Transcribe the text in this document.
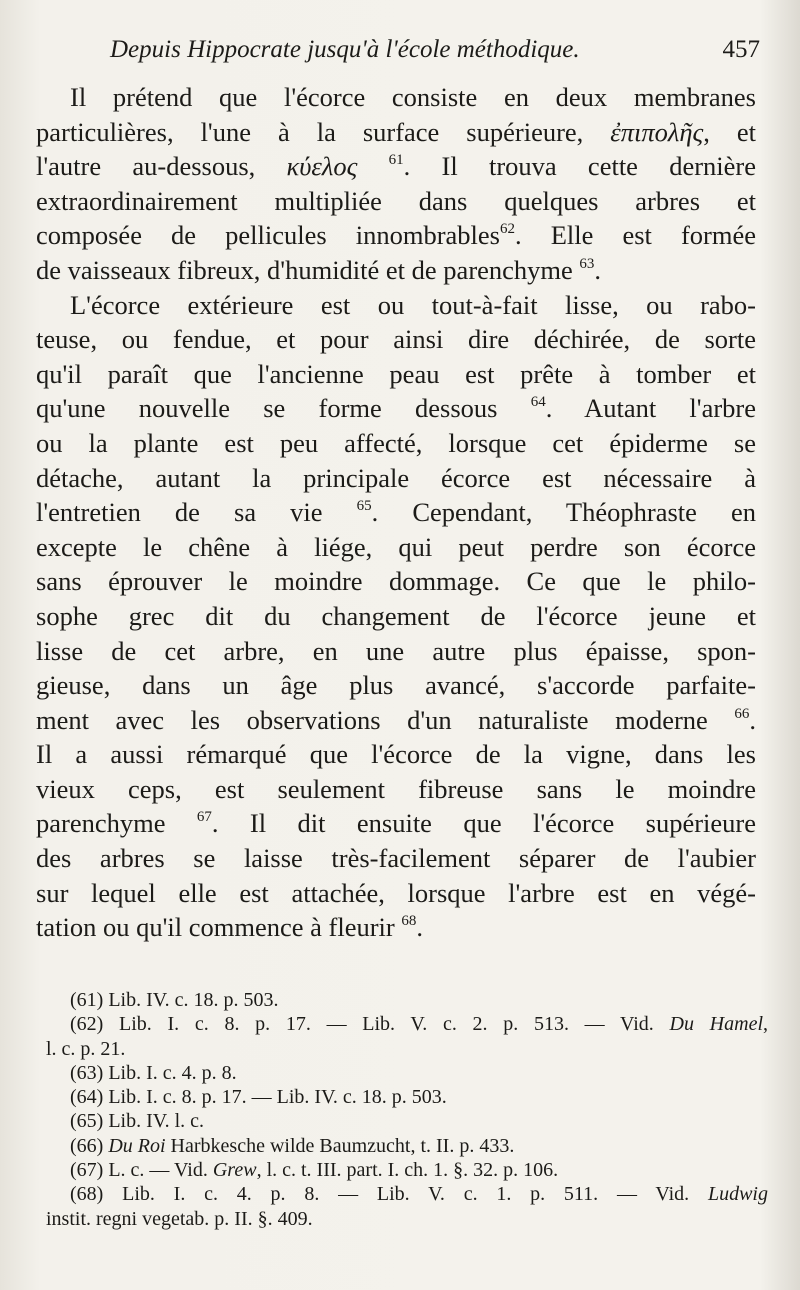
Depuis Hippocrate jusqu'à l'école méthodique.	457
Il prétend que l'écorce consiste en deux membranes
particulières, l'une à la surface supérieure, ἐπιπολῆς, et
l'autre au-dessous, κύελος $^{61}$. Il trouva cette dernière
extraordinairement multipliée dans quelques arbres et
composée de pellicules innombrables$^{62}$. Elle est formée
de vaisseaux fibreux, d'humidité et de parenchyme $^{63}$.
L'écorce extérieure est ou tout-à-fait lisse, ou rabo-
teuse, ou fendue, et pour ainsi dire déchirée, de sorte
qu'il paraît que l'ancienne peau est prête à tomber et
qu'une nouvelle se forme dessous $^{64}$. Autant l'arbre
ou la plante est peu affecté, lorsque cet épiderme se
détache, autant la principale écorce est nécessaire à
l'entretien de sa vie $^{65}$. Cependant, Théophraste en
excepte le chêne à liége, qui peut perdre son écorce
sans éprouver le moindre dommage. Ce que le philo-
sophe grec dit du changement de l'écorce jeune et
lisse de cet arbre, en une autre plus épaisse, spon-
gieuse, dans un âge plus avancé, s'accorde parfaite-
ment avec les observations d'un naturaliste moderne $^{66}$.
Il a aussi rémarqué que l'écorce de la vigne, dans les
vieux ceps, est seulement fibreuse sans le moindre
parenchyme $^{67}$. Il dit ensuite que l'écorce supérieure
des arbres se laisse très-facilement séparer de l'aubier
sur lequel elle est attachée, lorsque l'arbre est en végé-
tation ou qu'il commence à fleurir $^{68}$.
(61) Lib. IV. c. 18. p. 503.
(62) Lib. I. c. 8. p. 17. — Lib. V. c. 2. p. 513. — Vid. Du Hamel,
l. c. p. 21.
(63) Lib. I. c. 4. p. 8.
(64) Lib. I. c. 8. p. 17. — Lib. IV. c. 18. p. 503.
(65) Lib. IV. l. c.
(66) Du Roi Harbkesche wilde Baumzucht, t. II. p. 433.
(67) L. c. — Vid. Grew, l. c. t. III. part. I. ch. 1. §. 32. p. 106.
(68) Lib. I. c. 4. p. 8. — Lib. V. c. 1. p. 511. — Vid. Ludwig
instit. regni vegetab. p. II. §. 409.
